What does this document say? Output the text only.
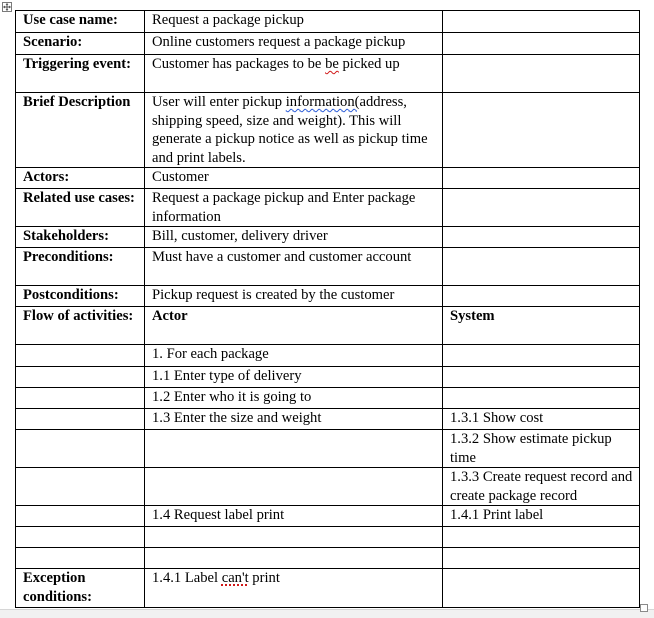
Use case name:	Request a package pickup	
Scenario:	Online customers request a package pickup	
Triggering event:	Customer has packages to be be picked up	
Brief Description	User will enter pickup information(address, shipping speed, size and weight). This will generate a pickup notice as well as pickup time and print labels.	
Actors:	Customer	
Related use cases:	Request a package pickup and Enter package information	
Stakeholders:	Bill, customer, delivery driver	
Preconditions:	Must have a customer and customer account	
Postconditions:	Pickup request is created by the customer	
Flow of activities:	Actor	System
	1. For each package	
	1.1 Enter type of delivery	
	1.2 Enter who it is going to	
	1.3 Enter the size and weight	1.3.1 Show cost
		1.3.2 Show estimate pickup time
		1.3.3 Create request record and create package record
	1.4 Request label print	1.4.1 Print label

Exception conditions:	1.4.1 Label can't print	
